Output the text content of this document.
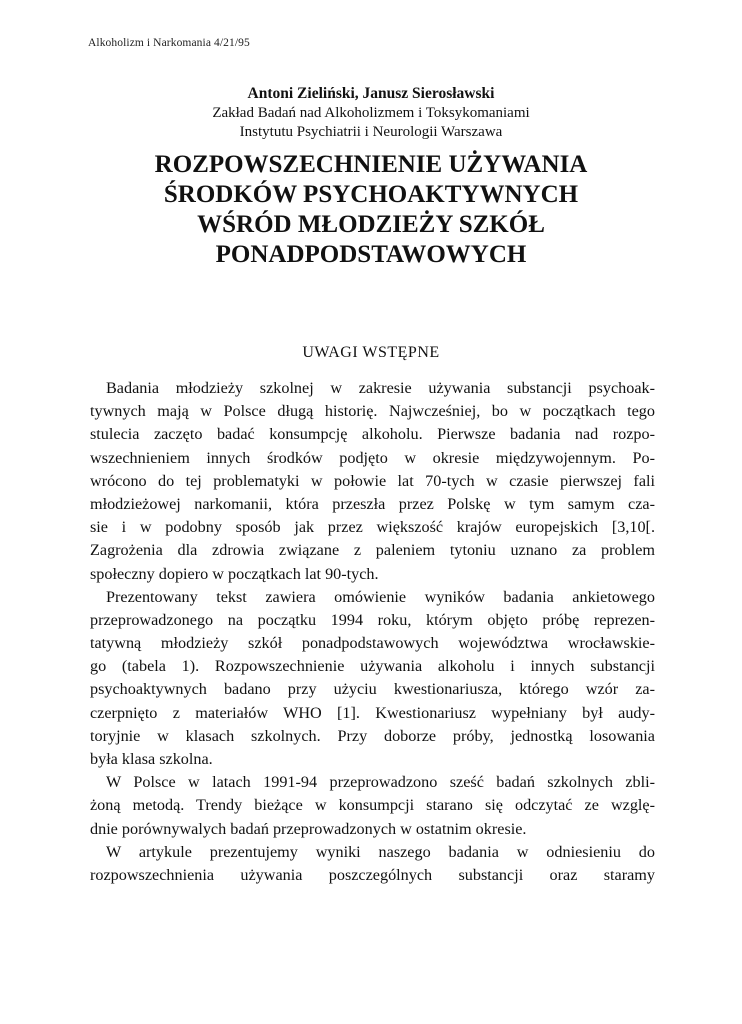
Alkoholizm i Narkomania 4/21/95
Antoni Zieliński, Janusz Sierosławski
Zakład Badań nad Alkoholizmem i Toksykomaniami
Instytutu Psychiatrii i Neurologii Warszawa
ROZPOWSZECHNIENIE UŻYWANIA
ŚRODKÓW PSYCHOAKTYWNYCH
WŚRÓD MŁODZIEŻY SZKÓŁ
PONADPODSTAWOWYCH
UWAGI WSTĘPNE
Badania młodzieży szkolnej w zakresie używania substancji psychoak-
tywnych mają w Polsce długą historię. Najwcześniej, bo w początkach tego
stulecia zaczęto badać konsumpcję alkoholu. Pierwsze badania nad rozpo-
wszechnieniem innych środków podjęto w okresie międzywojennym. Po-
wrócono do tej problematyki w połowie lat 70-tych w czasie pierwszej fali
młodzieżowej narkomanii, która przeszła przez Polskę w tym samym cza-
sie i w podobny sposób jak przez większość krajów europejskich [3,10[.
Zagrożenia dla zdrowia związane z paleniem tytoniu uznano za problem
społeczny dopiero w początkach lat 90-tych.
Prezentowany tekst zawiera omówienie wyników badania ankietowego
przeprowadzonego na początku 1994 roku, którym objęto próbę reprezen-
tatywną młodzieży szkół ponadpodstawowych województwa wrocławskie-
go (tabela 1). Rozpowszechnienie używania alkoholu i innych substancji
psychoaktywnych badano przy użyciu kwestionariusza, którego wzór za-
czerpnięto z materiałów WHO [1]. Kwestionariusz wypełniany był audy-
toryjnie w klasach szkolnych. Przy doborze próby, jednostką losowania
była klasa szkolna.
W Polsce w latach 1991-94 przeprowadzono sześć badań szkolnych zbli-
żoną metodą. Trendy bieżące w konsumpcji starano się odczytać ze wzglę-
dnie porównywalych badań przeprowadzonych w ostatnim okresie.
W artykule prezentujemy wyniki naszego badania w odniesieniu do
rozpowszechnienia używania poszczególnych substancji oraz staramy
